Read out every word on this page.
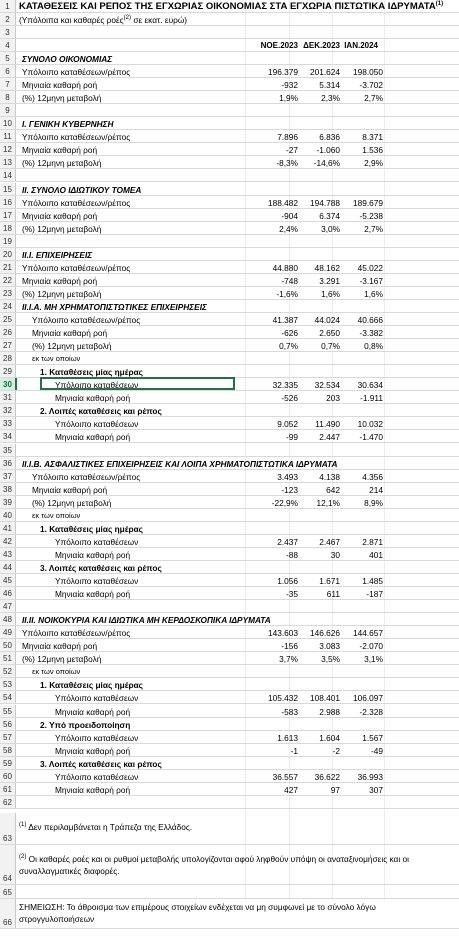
1 ΚΑΤΑΘΕΣΕΙΣ ΚΑΙ ΡΕΠΟΣ ΤΗΣ ΕΓΧΩΡΙΑΣ ΟΙΚΟΝΟΜΙΑΣ ΣΤΑ ΕΓΧΩΡΙΑ ΠΙΣΤΩΤΙΚΑ ΙΔΡΥΜΑΤΑ$^{(1)}$
2	(Υπόλοιπα και καθαρές ροές$^{(2)}$ σε εκατ. ευρώ)
3
4	ΝΟΕ.2023 ΔΕΚ.2023 ΙΑΝ.2024
5	ΣΥΝΟΛΟ ΟΙΚΟΝΟΜΙΑΣ
6	Υπόλοιπο καταθέσεων/ρέπος	196.379	201.624	198.050
7	Μηνιαία καθαρή ροή	-932	5.314	-3.702
8	(%) 12μηνη μεταβολή	1,9%	2,3%	2,7%
9
10	I. ΓΕΝΙΚΗ ΚΥΒΕΡΝΗΣΗ
11	Υπόλοιπο καταθέσεων/ρέπος	7.896	6.836	8.371
12	Μηνιαία καθαρή ροή	-27	-1.060	1.536
13	(%) 12μηνη μεταβολή	-8,3%	-14,6%	2,9%
14
15	II. ΣΥΝΟΛΟ ΙΔΙΩΤΙΚΟΥ ΤΟΜΕΑ
16	Υπόλοιπο καταθέσεων/ρέπος	188.482	194.788	189.679
17	Μηνιαία καθαρή ροή	-904	6.374	-5.238
18	(%) 12μηνη μεταβολή	2,4%	3,0%	2,7%
19
20	II.I. ΕΠΙΧΕΙΡΗΣΕΙΣ
21	Υπόλοιπο καταθέσεων/ρέπος	44.880	48.162	45.022
22	Μηνιαία καθαρή ροή	-748	3.291	-3.167
23	(%) 12μηνη μεταβολή	-1,6%	1,6%	1,6%
24	II.I.A. ΜΗ ΧΡΗΜΑΤΟΠΙΣΤΩΤΙΚΕΣ ΕΠΙΧΕΙΡΗΣΕΙΣ
25	Υπόλοιπο καταθέσεων/ρέπος	41.387	44.024	40.666
26	Μηνιαία καθαρή ροή	-626	2.650	-3.382
27	(%) 12μηνη μεταβολή	0,7%	0,7%	0,8%
28	εκ των οποίων
29	1. Καταθέσεις μίας ημέρας
30	Υπόλοιπο καταθέσεων	32.335	32.534	30.634
31	Μηνιαία καθαρή ροή	-526	203	-1.911
32	2. Λοιπές καταθέσεις και ρέπος
33	Υπόλοιπο καταθέσεων	9.052	11.490	10.032
34	Μηνιαία καθαρή ροή	-99	2.447	-1.470
35
36	II.I.B. ΑΣΦΑΛΙΣΤΙΚΕΣ ΕΠΙΧΕΙΡΗΣΕΙΣ ΚΑΙ ΛΟΙΠΑ ΧΡΗΜΑΤΟΠΙΣΤΩΤΙΚΑ ΙΔΡΥΜΑΤΑ
37	Υπόλοιπο καταθέσεων/ρέπος	3.493	4.138	4.356
38	Μηνιαία καθαρή ροή	-123	642	214
39	(%) 12μηνη μεταβολή	-22,9%	12,1%	8,9%
40	εκ των οποίων
41	1. Καταθέσεις μίας ημέρας
42	Υπόλοιπο καταθέσεων	2.437	2.467	2.871
43	Μηνιαία καθαρή ροή	-88	30	401
44	3. Λοιπές καταθέσεις και ρέπος
45	Υπόλοιπο καταθέσεων	1.056	1.671	1.485
46	Μηνιαία καθαρή ροή	-35	611	-187
47
48	II.II. ΝΟΙΚΟΚΥΡΙΑ ΚΑΙ ΙΔΙΩΤΙΚΑ ΜΗ ΚΕΡΔΟΣΚΟΠΙΚΑ ΙΔΡΥΜΑΤΑ
49	Υπόλοιπο καταθέσεων/ρέπος	143.603	146.626	144.657
50	Μηνιαία καθαρή ροή	-156	3.083	-2.070
51	(%) 12μηνη μεταβολή	3,7%	3,5%	3,1%
52	εκ των οποίων
53	1. Καταθέσεις μίας ημέρας
54	Υπόλοιπο καταθέσεων	105.432	108.401	106.097
55	Μηνιαία καθαρή ροή	-583	2.988	-2.328
56	2. Υπό προειδοποίηση
57	Υπόλοιπο καταθέσεων	1.613	1.604	1.567
58	Μηνιαία καθαρή ροή	-1	-2	-49
59	3. Λοιπές καταθέσεις και ρέπος
60	Υπόλοιπο καταθέσεων	36.557	36.622	36.993
61	Μηνιαία καθαρή ροή	427	97	307
62
63
$^{(1)}$ Δεν περιλαμβάνεται η Τράπεζα της Ελλάδος.
64
$^{(2)}$ Οι καθαρές ροές και οι ρυθμοί μεταβολής υπολογίζονται αφού ληφθούν υπόψη οι αναταξινομήσεις και οι συναλλαγματικές διαφορές.
65
66
ΣΗΜΕΙΩΣΗ: Το άθροισμα των επιμέρους στοιχείων ενδέχεται να μη συμφωνεί με το σύνολο λόγω στρογγυλοποιήσεων
